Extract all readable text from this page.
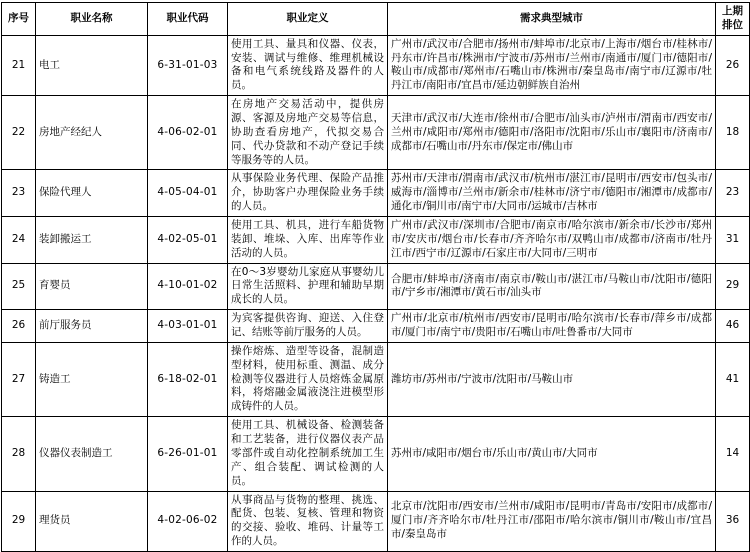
序号	职业名称	职业代码	职业定义	需求典型城市	上期
排位

21	电工	6-31-01-03	使用工具、量具和仪器、仪表，安装、调试与维修、维理机械设备和电气系统线路及器件的人员。	广州市/武汉市/合肥市/扬州市/蚌埠市/北京市/上海市/烟台市/桂林市/丹东市/许昌市/株洲市/宁波市/苏州市/兰州市/南通市/厦门市/德阳市/鞍山市/成都市/郑州市/石嘴山市/株洲市/秦皇岛市/南宁市/辽源市/牡丹江市/南阳市/宜昌市/延边朝鲜族自治州	26
22	房地产经纪人	4-06-02-01	在房地产交易活动中，提供房源、客源及房地产交易等信息，协助查看房地产，代拟交易合同、代办贷款和不动产登记手续等服务等的人员。	天津市/武汉市/大连市/徐州市/合肥市/汕头市/泸州市/渭南市/西安市/兰州市/咸阳市/郑州市/德阳市/洛阳市/沈阳市/乐山市/襄阳市/济南市/成都市/石嘴山市/丹东市/保定市/佛山市	18
23	保险代理人	4-05-04-01	从事保险业务代理、保险产品推介，协助客户办理保险业务手续的人员。	苏州市/天津市/渭南市/武汉市/杭州市/湛江市/昆明市/西安市/包头市/威海市/淄博市/兰州市/新余市/桂林市/济宁市/德阳市/湘潭市/成都市/通化市/铜川市/南宁市/大同市/运城市/吉林市	23
24	装卸搬运工	4-02-05-01	使用工具、机具，进行车船货物装卸、堆垛、入库、出库等作业活动的人员。	广州市/武汉市/深圳市/合肥市/南京市/哈尔滨市/新余市/长沙市/郑州市/安庆市/烟台市/长春市/齐齐哈尔市/双鸭山市/成都市/济南市/牡丹江市/西宁市/辽源市/石家庄市/大同市/三明市	31
25	育婴员	4-10-01-02	在0～3岁婴幼儿家庭从事婴幼儿日常生活照料、护理和辅助早期成长的人员。	合肥市/蚌埠市/济南市/南京市/鞍山市/湛江市/马鞍山市/沈阳市/德阳市/宁乡市/湘潭市/黄石市/汕头市	29
26	前厅服务员	4-03-01-01	为宾客提供咨询、迎送、入住登记、结账等前厅服务的人员。	广州市/北京市/杭州市/西安市/昆明市/哈尔滨市/长春市/萍乡市/成都市/厦门市/南宁市/贵阳市/石嘴山市/吐鲁番市/大同市	46
27	铸造工	6-18-02-01	操作熔炼、造型等设备，混制造型材料，使用标重、测温、成分检测等仪器进行人员熔炼金属原料，将熔融金属液浇注进模型形成铸件的人员。	潍坊市/苏州市/宁波市/沈阳市/马鞍山市	41
28	仪器仪表制造工	6-26-01-01	使用工具、机械设备、检测装备和工艺装备，进行仪器仪表产品零部件或自动化控制系统加工生产、组合装配、调试检测的人员。	苏州市/咸阳市/烟台市/乐山市/黄山市/大同市	14
29	理货员	4-02-06-02	从事商品与货物的整理、挑选、配货、包装、复核、管理和物资的交接、验收、堆码、计量等工作的人员。	北京市/沈阳市/西安市/兰州市/咸阳市/昆明市/青岛市/安阳市/成都市/厦门市/齐齐哈尔市/牡丹江市/邵阳市/哈尔滨市/铜川市/鞍山市/宜昌市/秦皇岛市	36
